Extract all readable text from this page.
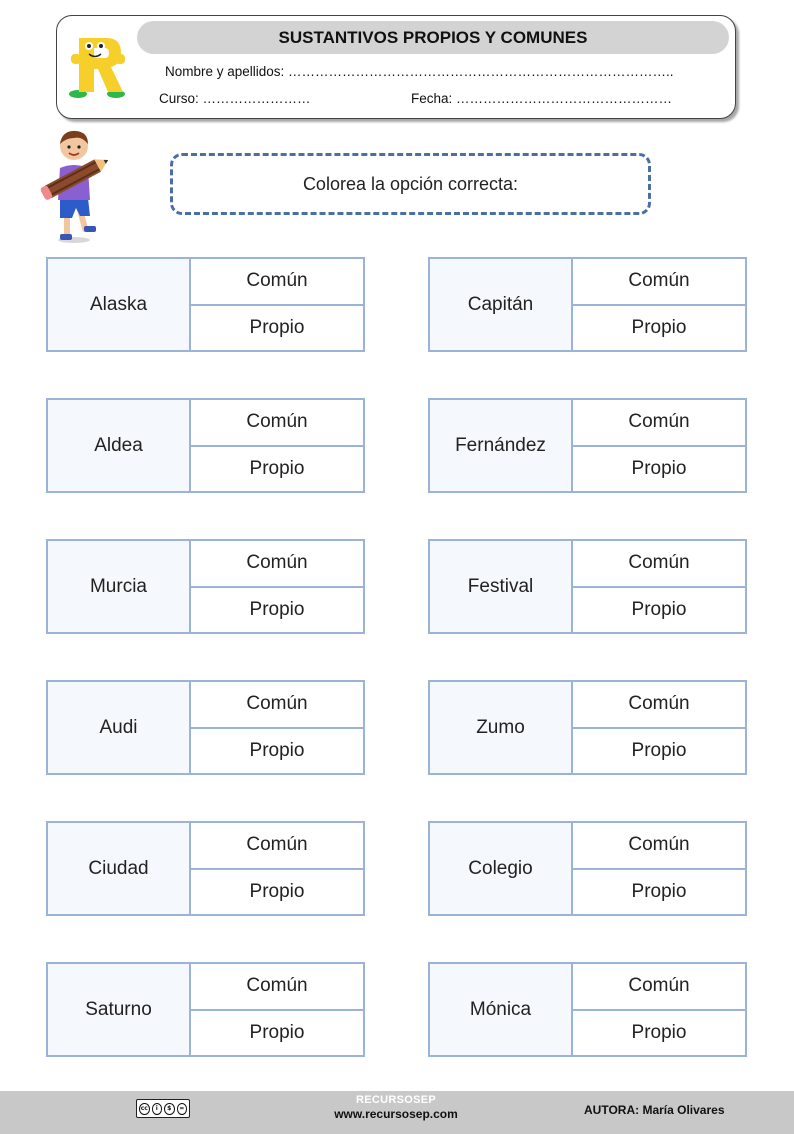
SUSTANTIVOS PROPIOS Y COMUNES
Nombre y apellidos: …………………………………………………………………………..
Curso: ……………………	Fecha: …………………………………………
Colorea la opción correcta:
Alaska
Común
Propio
Aldea
Común
Propio
Murcia
Común
Propio
Audi
Común
Propio
Ciudad
Común
Propio
Saturno
Común
Propio
Capitán
Común
Propio
Fernández
Común
Propio
Festival
Común
Propio
Zumo
Común
Propio
Colegio
Común
Propio
Mónica
Común
Propio
cc	i	$	=
RECURSOSEP
www.recursosep.com	AUTORA: María Olivares
